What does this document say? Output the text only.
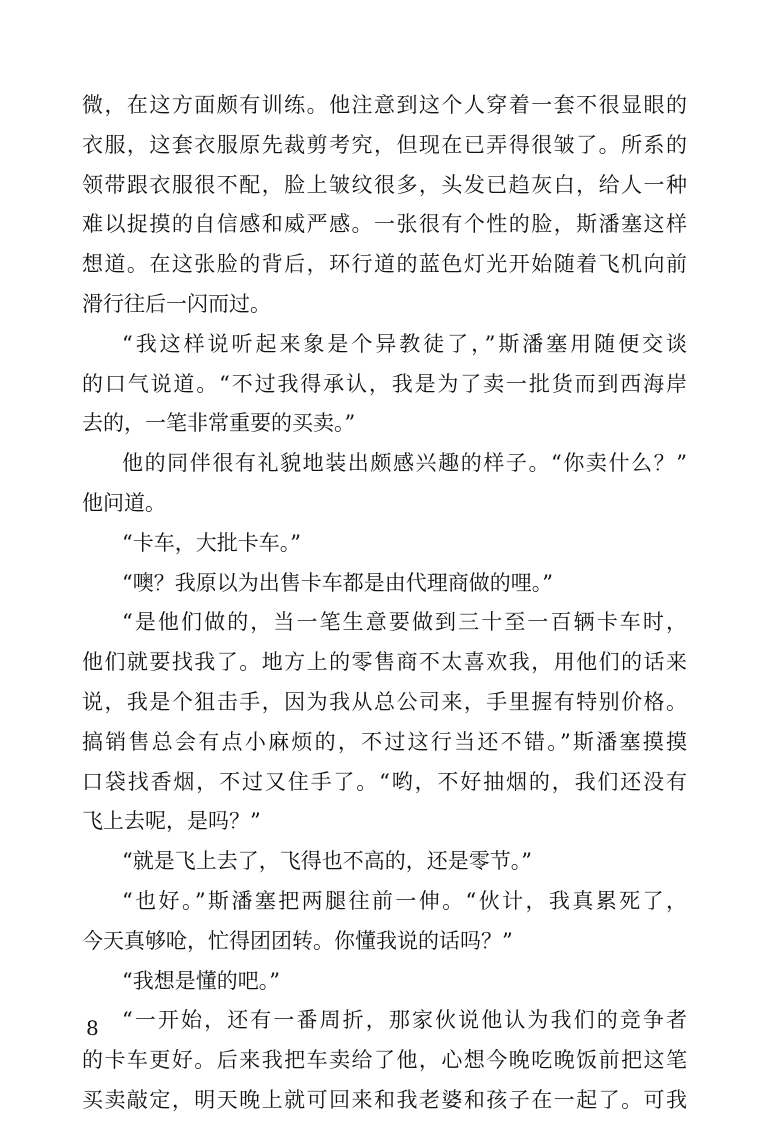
微，在这方面颇有训练。他注意到这个人穿着一套不很显眼的
衣服，这套衣服原先裁剪考究，但现在已弄得很皱了。所系的
领带跟衣服很不配，脸上皱纹很多，头发已趋灰白，给人一种
难以捉摸的自信感和威严感。一张很有个性的脸，斯潘塞这样
想道。在这张脸的背后，环行道的蓝色灯光开始随着飞机向前
滑行往后一闪而过。
“我这样说听起来象是个异教徒了，”斯潘塞用随便交谈
的口气说道。“不过我得承认，我是为了卖一批货而到西海岸
去的，一笔非常重要的买卖。”
他的同伴很有礼貌地装出颇感兴趣的样子。“你卖什么？”
他问道。
“卡车，大批卡车。”
“噢？我原以为出售卡车都是由代理商做的哩。”
“是他们做的，当一笔生意要做到三十至一百辆卡车时，
他们就要找我了。地方上的零售商不太喜欢我，用他们的话来
说，我是个狙击手，因为我从总公司来，手里握有特别价格。
搞销售总会有点小麻烦的，不过这行当还不错。”斯潘塞摸摸
口袋找香烟，不过又住手了。“哟，不好抽烟的，我们还没有
飞上去呢，是吗？”
“就是飞上去了，飞得也不高的，还是零节。”
“也好。”斯潘塞把两腿往前一伸。“伙计，我真累死了，
今天真够呛，忙得团团转。你懂我说的话吗？”
“我想是懂的吧。”
“一开始，还有一番周折，那家伙说他认为我们的竞争者
的卡车更好。后来我把车卖给了他，心想今晚吃晚饭前把这笔
买卖敲定，明天晚上就可回来和我老婆和孩子在一起了。可我
8
